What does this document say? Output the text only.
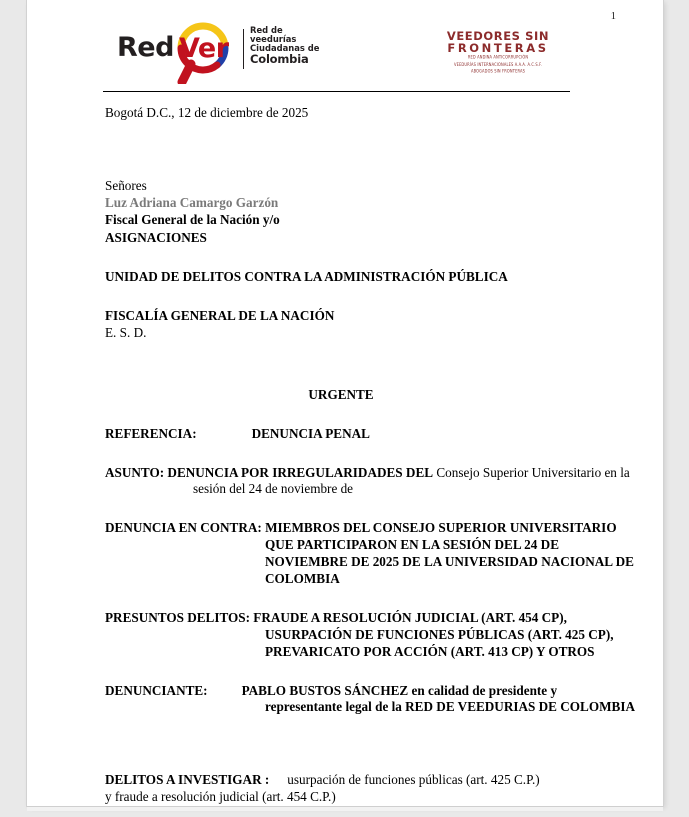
1
Red Ver
Red de veedurías
Ciudadanas de
Colombia
VEEDORES SIN
FRONTERAS
RED ANDINA ANTICORRUPCIÓN
VEEDURÍAS INTERNACIONALES A.A.A. A.C.S.F.
ABOGADOS SIN FRONTERAS
Bogotá D.C., 12 de diciembre de 2025
Señores
Luz Adriana Camargo Garzón
Fiscal General de la Nación y/o
ASIGNACIONES
UNIDAD DE DELITOS CONTRA LA ADMINISTRACIÓN PÚBLICA
FISCALÍA GENERAL DE LA NACIÓN
E. S. D.
URGENTE
REFERENCIA:	DENUNCIA PENAL
ASUNTO: DENUNCIA POR IRREGULARIDADES DEL Consejo Superior Universitario en la sesión del 24 de noviembre de
DENUNCIA EN CONTRA: MIEMBROS DEL CONSEJO SUPERIOR UNIVERSITARIO QUE PARTICIPARON EN LA SESIÓN DEL 24 DE NOVIEMBRE DE 2025 DE LA UNIVERSIDAD NACIONAL DE COLOMBIA
PRESUNTOS DELITOS: FRAUDE A RESOLUCIÓN JUDICIAL (ART. 454 CP), USURPACIÓN DE FUNCIONES PÚBLICAS (ART. 425 CP), PREVARICATO POR ACCIÓN (ART. 413 CP) Y OTROS
DENUNCIANTE:	PABLO BUSTOS SÁNCHEZ en calidad de presidente y representante legal de la RED DE VEEDURIAS DE COLOMBIA
DELITOS A INVESTIGAR : usurpación de funciones públicas (art. 425 C.P.)
y fraude a resolución judicial (art. 454 C.P.)
